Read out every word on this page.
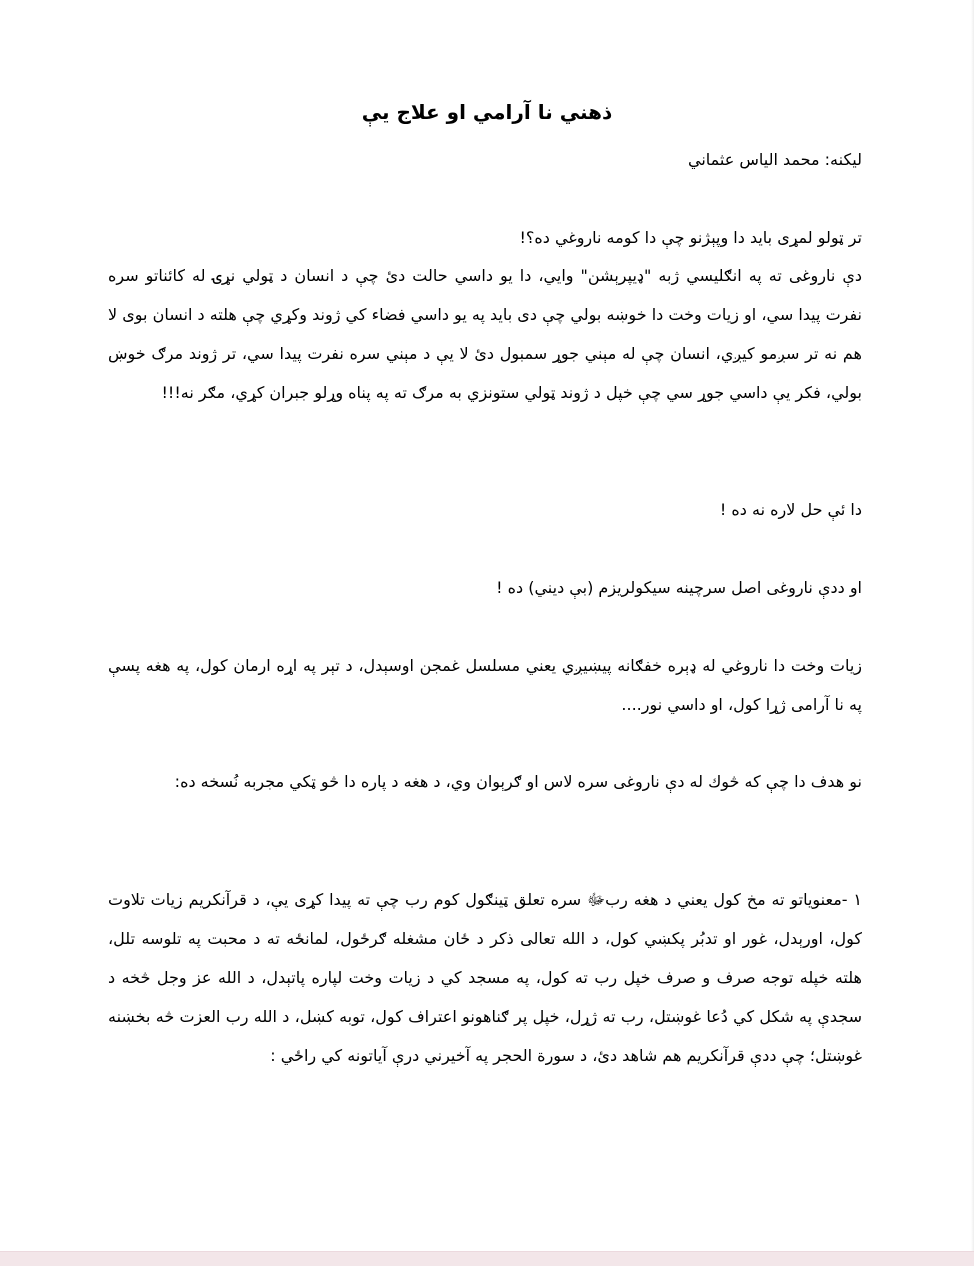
ذهني نا آرامي او علاج يې
ليکنه: محمد الياس عثماني
تر ټولو لمړی باید دا وپېژنو چې دا کومه ناروغي ده؟!
دې ناروغی ته په انګليسي ژبه "ډیپرېشن" وايي، دا یو داسي حالت دئ چې د انسان د ټولي نړۍ له کائناتو سره نفرت پيدا سي، او زیات وخت دا خوښه بولي چې دی باید په یو داسي فضاء کي ژوند وکړي چې هلته د انسان بوی لا هم نه تر سږمو کیږي، انسان چې له مېني جوړ سمبول دئ لا یې د مېني سره نفرت پيدا سي، تر ژوند مرګ خوښ بولي، فکر يې داسي جوړ سي چې خپل د ژوند ټولي ستونزي به مرګ ته په پناه وړلو جبران کړي، مګر نه!!!
دا ئې حل لاره نه ده !
او ددې ناروغی اصل سرچينه سيکولريزم (بې ديني) ده !
زيات وخت دا ناروغي له ډېره خفګانه پيښيږي يعني مسلسل غمجن اوسېدل، د تېر په اړه ارمان کول، په هغه پسې په نا آرامی ژړا کول، او داسي نور....
نو هدف دا چې که څوك له دې ناروغی سره لاس او ګرېوان وي، د هغه د پاره دا څو ټکي مجربه نُسخه ده:
۱ -معنوياتو ته مخ کول يعني د هغه ربﷻ سره تعلق ټينګول کوم رب چې ته پيدا کړی يې، د قرآنکريم زيات تلاوت کول، اورېدل، غور او تدبُر پکښي کول، د الله تعالی ذکر د ځان مشغله ګرځول، لمانځه ته د محبت په تلوسه تلل، هلته خپله توجه صرف و صرف خپل رب ته کول، په مسجد کي د زيات وخت لپاره پاتېدل، د الله عز وجل څخه د سجدې په شکل کي دُعا غوښتل، رب ته ژړل، خپل پر ګناهونو اعتراف کول، توبه کښل، د الله رب العزت څه بخښنه غوښتل؛ چې ددې قرآنکريم هم شاهد دئ، د سورة الحجر په آخيرني درې آياتونه کي راځي :
